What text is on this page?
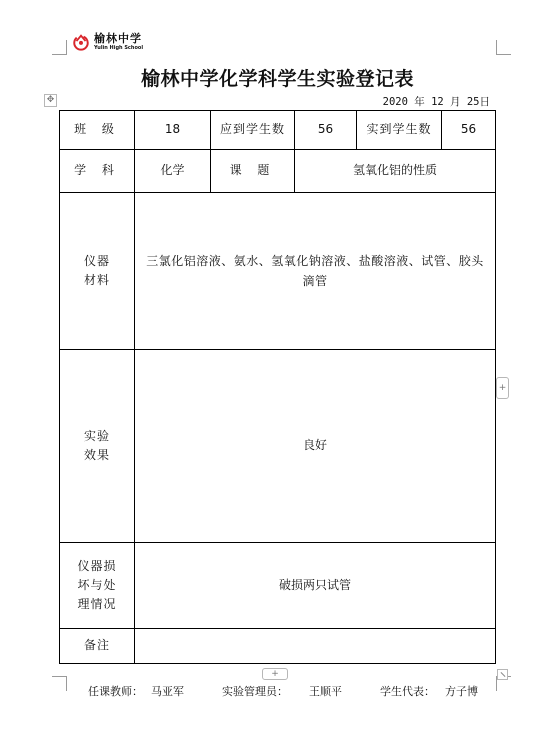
榆林中学
Yulin High School
榆林中学化学科学生实验登记表
2020 年 12 月 25日
✥
班 级	18	应到学生数	56	实到学生数	56
学 科	化学	课 题	氢氧化铝的性质		

仪器
材料	三氯化铝溶液、氨水、氢氧化钠溶液、盐酸溶液、试管、胶头滴管				

实验
效果	良好				

仪器损
坏与处
理情况	破损两只试管				
备注					
+
+
任课教师： 马亚军	实验管理员： 王顺平	学生代表： 方子博
